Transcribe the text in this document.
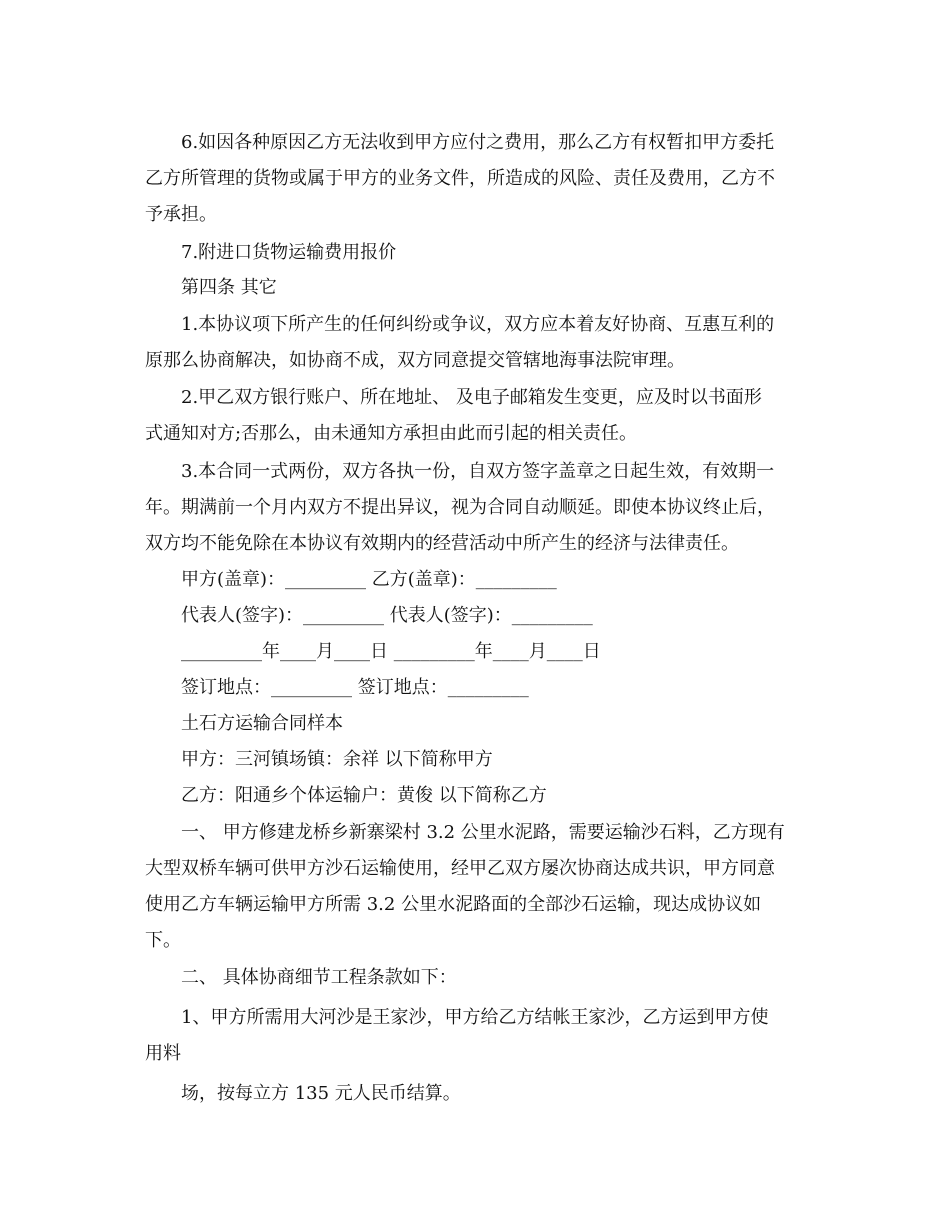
6.如因各种原因乙方无法收到甲方应付之费用，那么乙方有权暂扣甲方委托
乙方所管理的货物或属于甲方的业务文件，所造成的风险、责任及费用，乙方不
予承担。
7.附进口货物运输费用报价
第四条 其它
1.本协议项下所产生的任何纠纷或争议，双方应本着友好协商、互惠互利的
原那么协商解决，如协商不成，双方同意提交管辖地海事法院审理。
2.甲乙双方银行账户、所在地址、 及电子邮箱发生变更，应及时以书面形
式通知对方;否那么，由未通知方承担由此而引起的相关责任。
3.本合同一式两份，双方各执一份，自双方签字盖章之日起生效，有效期一
年。期满前一个月内双方不提出异议，视为合同自动顺延。即使本协议终止后，
双方均不能免除在本协议有效期内的经营活动中所产生的经济与法律责任。
甲方(盖章)：_________ 乙方(盖章)：_________
代表人(签字)：_________ 代表人(签字)：_________
_________年____月____日 _________年____月____日
签订地点：_________ 签订地点：_________
土石方运输合同样本
甲方：三河镇场镇：余祥 以下简称甲方
乙方：阳通乡个体运输户：黄俊 以下简称乙方
一、 甲方修建龙桥乡新寨梁村 3.2 公里水泥路，需要运输沙石料，乙方现有
大型双桥车辆可供甲方沙石运输使用，经甲乙双方屡次协商达成共识，甲方同意
使用乙方车辆运输甲方所需 3.2 公里水泥路面的全部沙石运输，现达成协议如
下。
二、 具体协商细节工程条款如下：
1、甲方所需用大河沙是王家沙，甲方给乙方结帐王家沙，乙方运到甲方使
用料
场，按每立方 135 元人民币结算。
